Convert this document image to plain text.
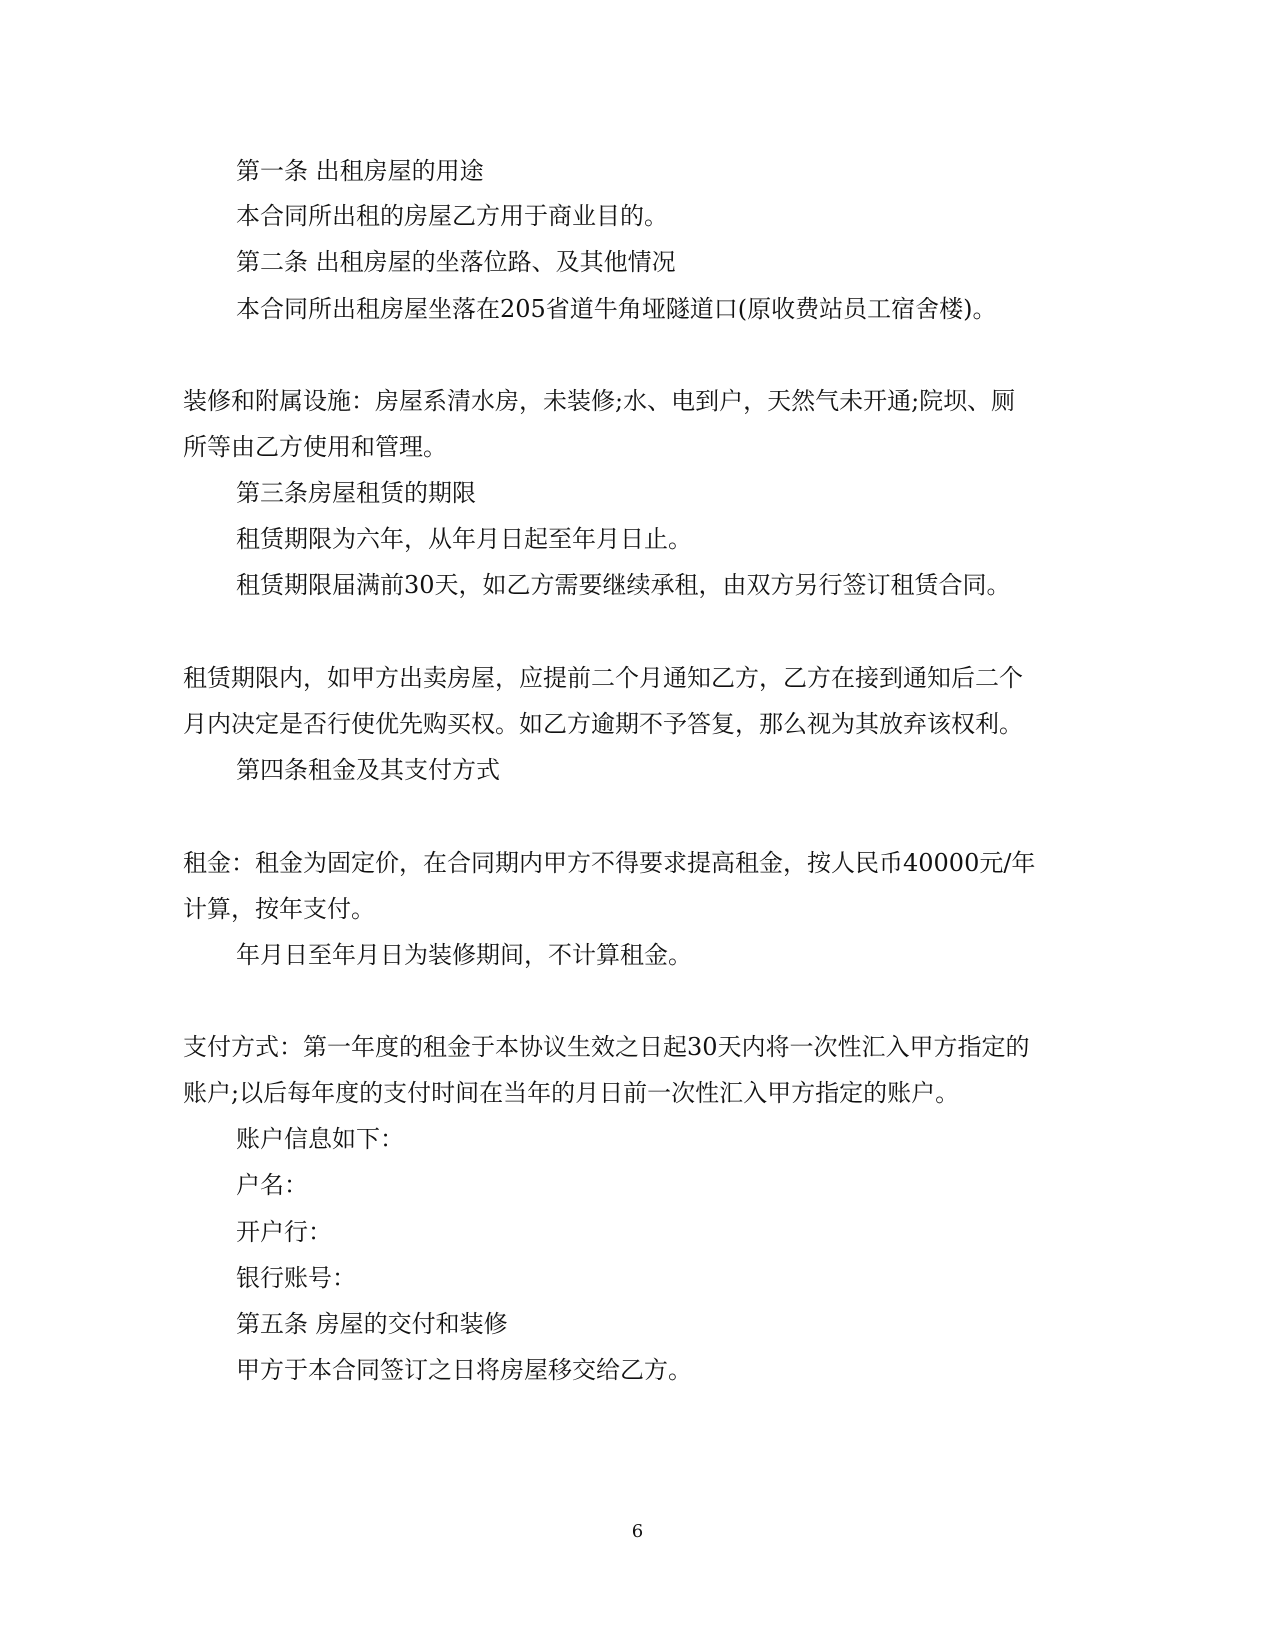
第一条 出租房屋的用途
本合同所出租的房屋乙方用于商业目的。
第二条 出租房屋的坐落位路、及其他情况
本合同所出租房屋坐落在205省道牛角垭隧道口(原收费站员工宿舍楼)。
装修和附属设施：房屋系清水房，未装修;水、电到户，天然气未开通;院坝、厕
所等由乙方使用和管理。
第三条房屋租赁的期限
租赁期限为六年，从年月日起至年月日止。
租赁期限届满前30天，如乙方需要继续承租，由双方另行签订租赁合同。
租赁期限内，如甲方出卖房屋，应提前二个月通知乙方，乙方在接到通知后二个
月内决定是否行使优先购买权。如乙方逾期不予答复，那么视为其放弃该权利。
第四条租金及其支付方式
租金：租金为固定价，在合同期内甲方不得要求提高租金，按人民币40000元/年
计算，按年支付。
年月日至年月日为装修期间，不计算租金。
支付方式：第一年度的租金于本协议生效之日起30天内将一次性汇入甲方指定的
账户;以后每年度的支付时间在当年的月日前一次性汇入甲方指定的账户。
账户信息如下：
户名：
开户行：
银行账号：
第五条 房屋的交付和装修
甲方于本合同签订之日将房屋移交给乙方。
6
